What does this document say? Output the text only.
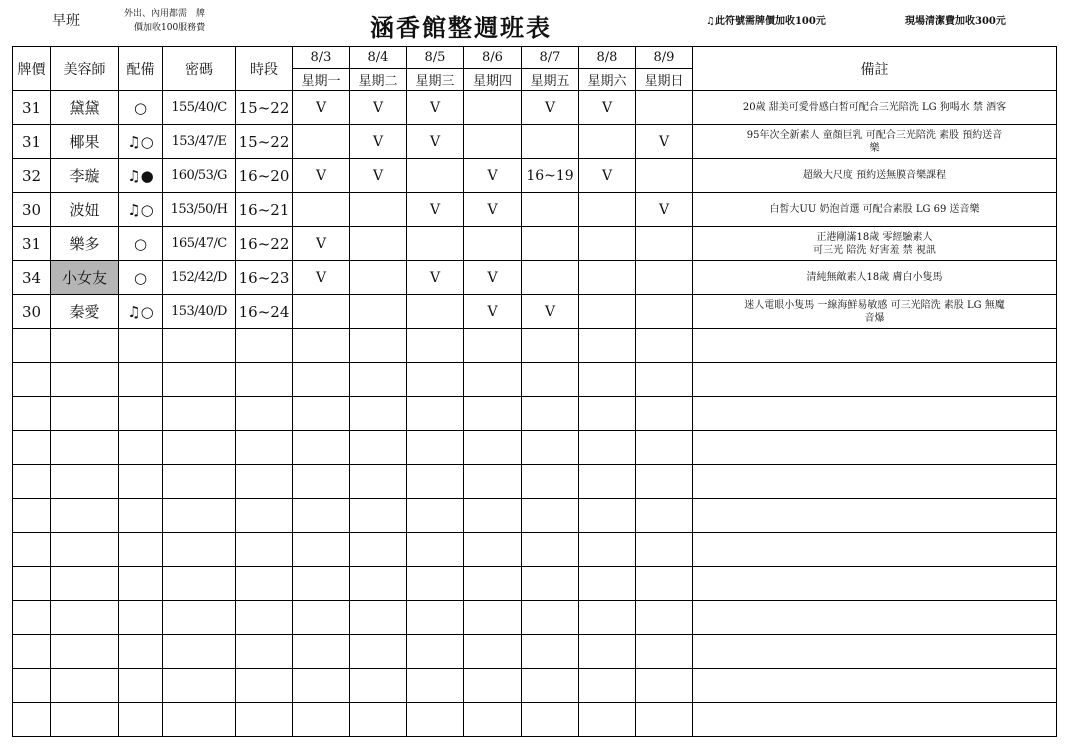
早班	外出、內用都需　牌
價加收100服務費	涵香館整週班表	♫此符號需牌價加收100元	現場清潔費加收300元
牌價	美容師	配備	密碼	時段	8/3	8/4	8/5	8/6	8/7	8/8	8/9	備註
					星期一	星期二	星期三	星期四	星期五	星期六	星期日	
31	黛黛	○	155/40/C	15~22	V	V	V		V	V		20歲 甜美可愛骨感白皙可配合三光陪洗 LG 狗喝水 禁 酒客
31	椰果	♫○	153/47/E	15~22		V	V				V	95年次全新素人 童顏巨乳 可配合三光陪洗 素股 預約送音
樂

32	李璇	♫●	160/53/G	16~20	V	V		V	16~19	V		超級大尺度 預約送無膜音樂課程
30	波妞	♫○	153/50/H	16~21			V	V			V	白皙大UU 奶泡首選 可配合素股 LG 69 送音樂
31	樂多	○	165/47/C	16~22	V							正港剛滿18歲 零經驗素人
可三光 陪洗 好害羞 禁 視訊
34	小女友	○	152/42/D	16~23	V		V	V				清純無敵素人18歲 膚白小隻馬
30	秦愛	♫○	153/40/D	16~24				V	V			迷人電眼小隻馬 一線海鮮易敏感 可三光陪洗 素股 LG 無魔
音爆
